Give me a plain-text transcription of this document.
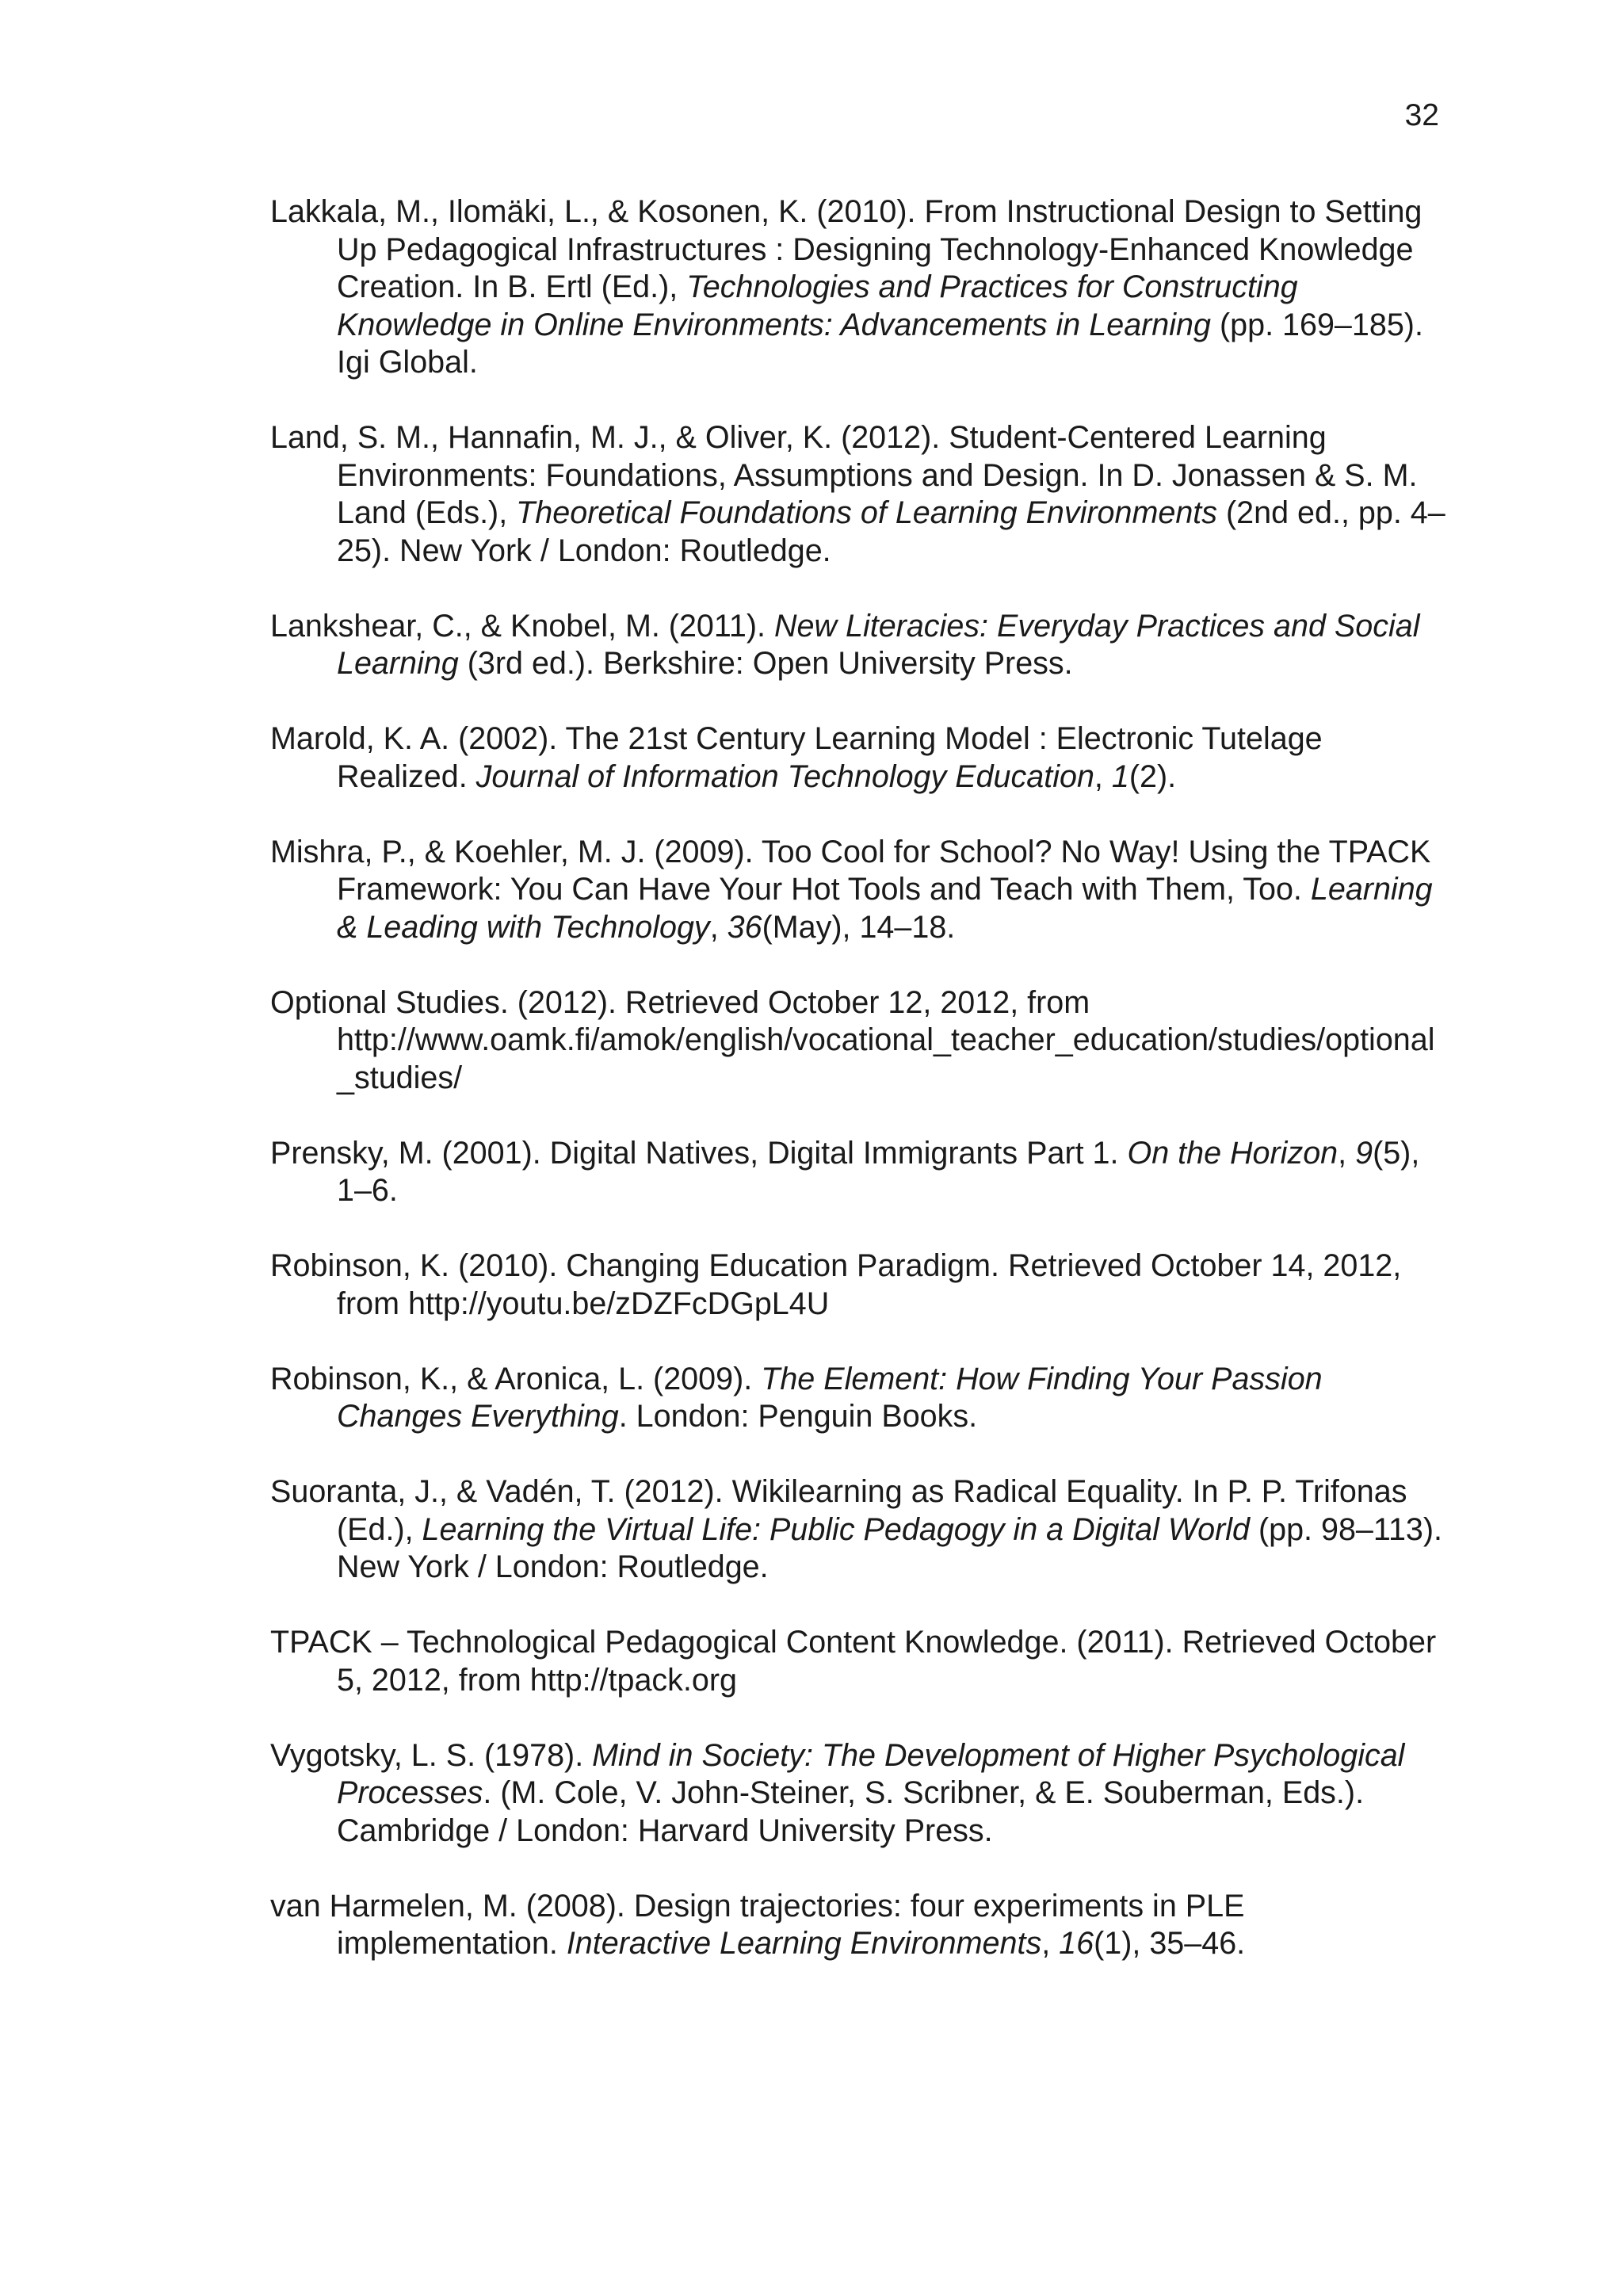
32

Lakkala, M., Ilomäki, L., & Kosonen, K. (2010). From Instructional Design to Setting Up Pedagogical Infrastructures : Designing Technology-Enhanced Knowledge Creation. In B. Ertl (Ed.), Technologies and Practices for Constructing Knowledge in Online Environments: Advancements in Learning (pp. 169–185). Igi Global.
Land, S. M., Hannafin, M. J., & Oliver, K. (2012). Student-Centered Learning Environments: Foundations, Assumptions and Design. In D. Jonassen & S. M. Land (Eds.), Theoretical Foundations of Learning Environments (2nd ed., pp. 4–25). New York / London: Routledge.
Lankshear, C., & Knobel, M. (2011). New Literacies: Everyday Practices and Social Learning (3rd ed.). Berkshire: Open University Press.
Marold, K. A. (2002). The 21st Century Learning Model : Electronic Tutelage Realized. Journal of Information Technology Education, 1(2).
Mishra, P., & Koehler, M. J. (2009). Too Cool for School? No Way! Using the TPACK Framework: You Can Have Your Hot Tools and Teach with Them, Too. Learning & Leading with Technology, 36(May), 14–18.
Optional Studies. (2012). Retrieved October 12, 2012, from http://www.oamk.fi/amok/english/vocational_teacher_education/studies/optional_studies/
Prensky, M. (2001). Digital Natives, Digital Immigrants Part 1. On the Horizon, 9(5), 1–6.
Robinson, K. (2010). Changing Education Paradigm. Retrieved October 14, 2012, from http://youtu.be/zDZFcDGpL4U
Robinson, K., & Aronica, L. (2009). The Element: How Finding Your Passion Changes Everything. London: Penguin Books.
Suoranta, J., & Vadén, T. (2012). Wikilearning as Radical Equality. In P. P. Trifonas (Ed.), Learning the Virtual Life: Public Pedagogy in a Digital World (pp. 98–113). New York / London: Routledge.
TPACK – Technological Pedagogical Content Knowledge. (2011). Retrieved October 5, 2012, from http://tpack.org
Vygotsky, L. S. (1978). Mind in Society: The Development of Higher Psychological Processes. (M. Cole, V. John-Steiner, S. Scribner, & E. Souberman, Eds.). Cambridge / London: Harvard University Press.
van Harmelen, M. (2008). Design trajectories: four experiments in PLE implementation. Interactive Learning Environments, 16(1), 35–46.
